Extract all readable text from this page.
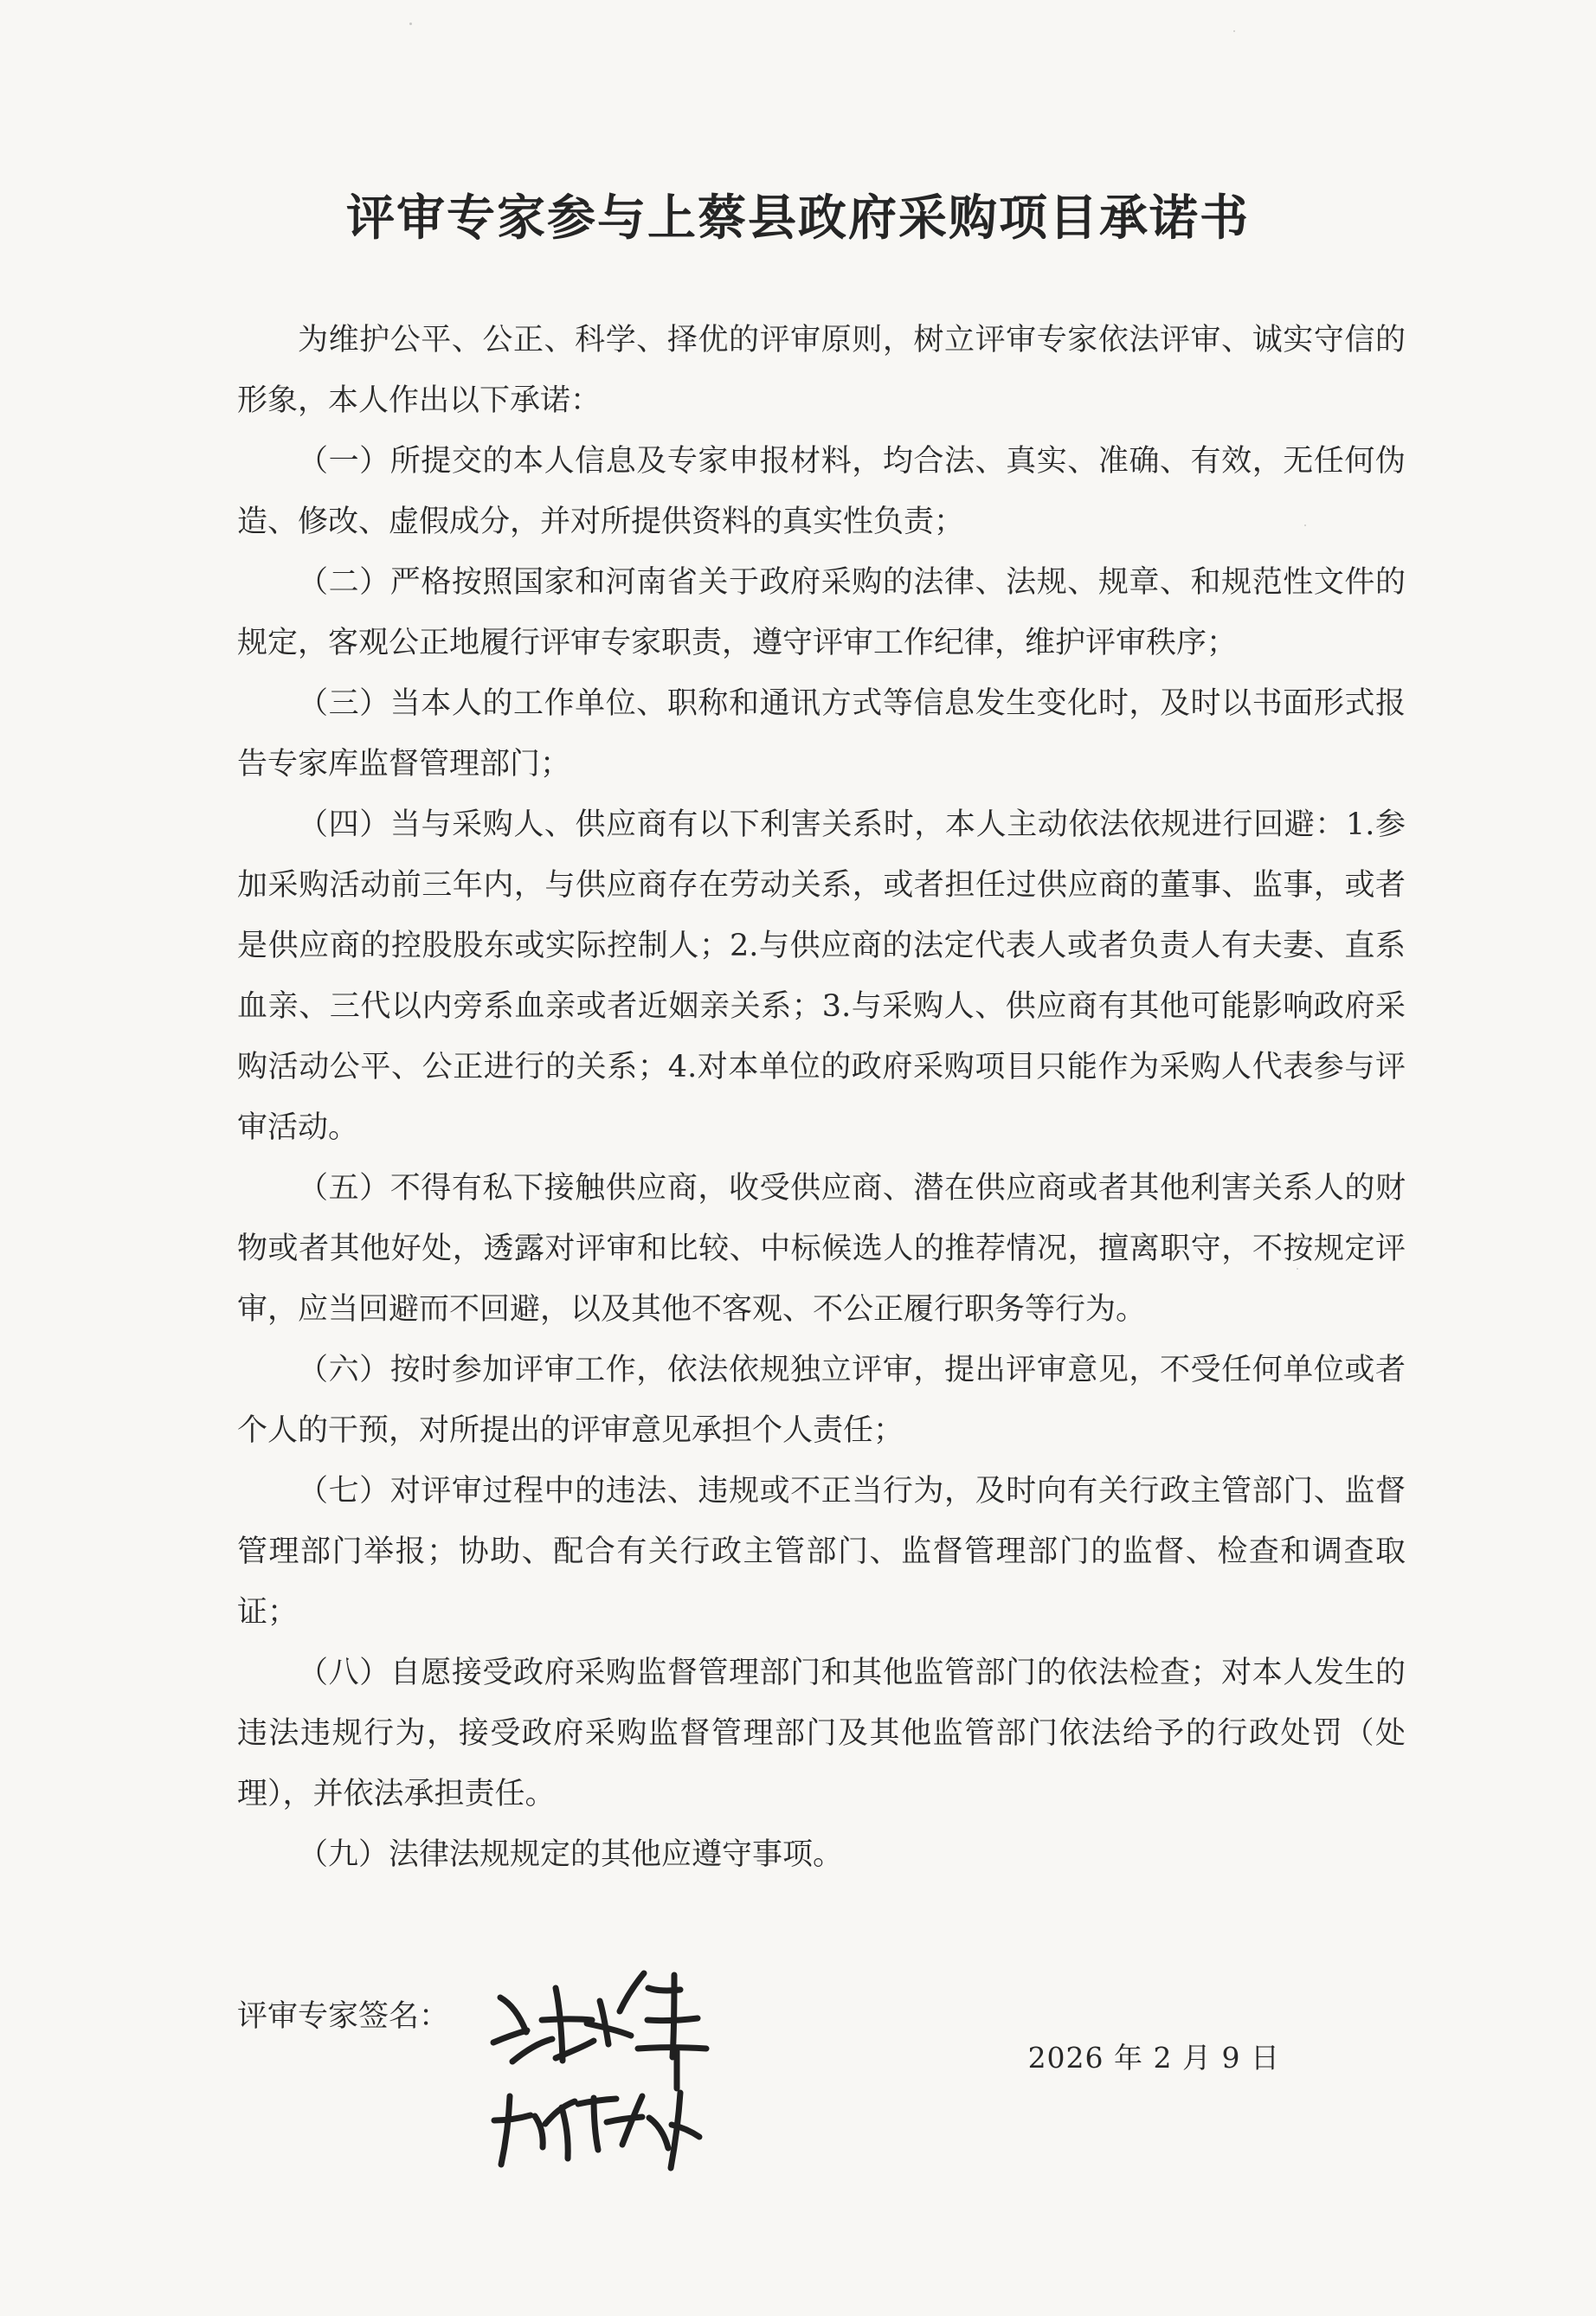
评审专家参与上蔡县政府采购项目承诺书

为维护公平、公正、科学、择优的评审原则，树立评审专家依法评审、诚实守信的形象，本人作出以下承诺：

（一）所提交的本人信息及专家申报材料，均合法、真实、准确、有效，无任何伪造、修改、虚假成分，并对所提供资料的真实性负责；

（二）严格按照国家和河南省关于政府采购的法律、法规、规章、和规范性文件的规定，客观公正地履行评审专家职责，遵守评审工作纪律，维护评审秩序；

（三）当本人的工作单位、职称和通讯方式等信息发生变化时，及时以书面形式报告专家库监督管理部门；

（四）当与采购人、供应商有以下利害关系时，本人主动依法依规进行回避：1.参加采购活动前三年内，与供应商存在劳动关系，或者担任过供应商的董事、监事，或者是供应商的控股股东或实际控制人；2.与供应商的法定代表人或者负责人有夫妻、直系血亲、三代以内旁系血亲或者近姻亲关系；3.与采购人、供应商有其他可能影响政府采购活动公平、公正进行的关系；4.对本单位的政府采购项目只能作为采购人代表参与评审活动。

（五）不得有私下接触供应商，收受供应商、潜在供应商或者其他利害关系人的财物或者其他好处，透露对评审和比较、中标候选人的推荐情况，擅离职守，不按规定评审，应当回避而不回避，以及其他不客观、不公正履行职务等行为。

（六）按时参加评审工作，依法依规独立评审，提出评审意见，不受任何单位或者个人的干预，对所提出的评审意见承担个人责任；

（七）对评审过程中的违法、违规或不正当行为，及时向有关行政主管部门、监督管理部门举报；协助、配合有关行政主管部门、监督管理部门的监督、检查和调查取证；

（八）自愿接受政府采购监督管理部门和其他监管部门的依法检查；对本人发生的违法违规行为，接受政府采购监督管理部门及其他监管部门依法给予的行政处罚（处理），并依法承担责任。

（九）法律法规规定的其他应遵守事项。

评审专家签名：
2026 年 2 月 9 日
